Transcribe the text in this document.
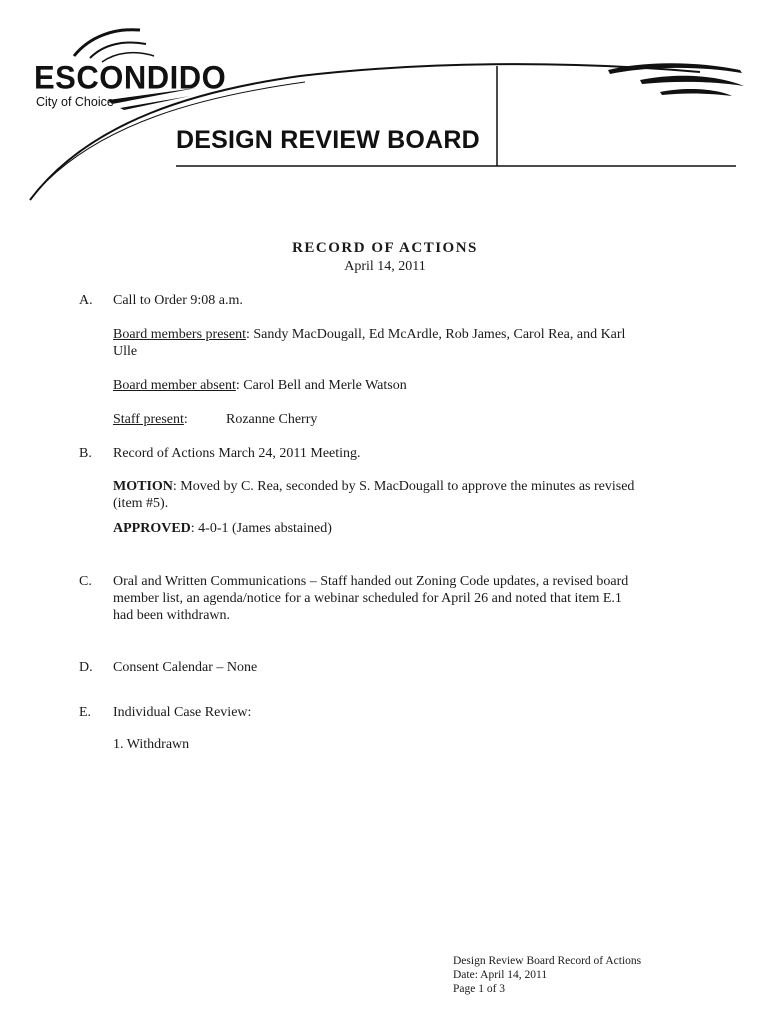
ESCONDIDO
City of Choice
DESIGN REVIEW BOARD
RECORD OF ACTIONS
April 14, 2011
A. Call to Order 9:08 a.m.
Board members present: Sandy MacDougall, Ed McArdle, Rob James, Carol Rea, and Karl
Ulle
Board member absent: Carol Bell and Merle Watson
Staff present:	Rozanne Cherry
B. Record of Actions March 24, 2011 Meeting.
MOTION: Moved by C. Rea, seconded by S. MacDougall to approve the minutes as revised
(item #5).
APPROVED: 4-0-1 (James abstained)
C. Oral and Written Communications – Staff handed out Zoning Code updates, a revised board
member list, an agenda/notice for a webinar scheduled for April 26 and noted that item E.1
had been withdrawn.
D. Consent Calendar – None
E. Individual Case Review:
1. Withdrawn
Design Review Board Record of Actions
Date: April 14, 2011
Page 1 of 3
